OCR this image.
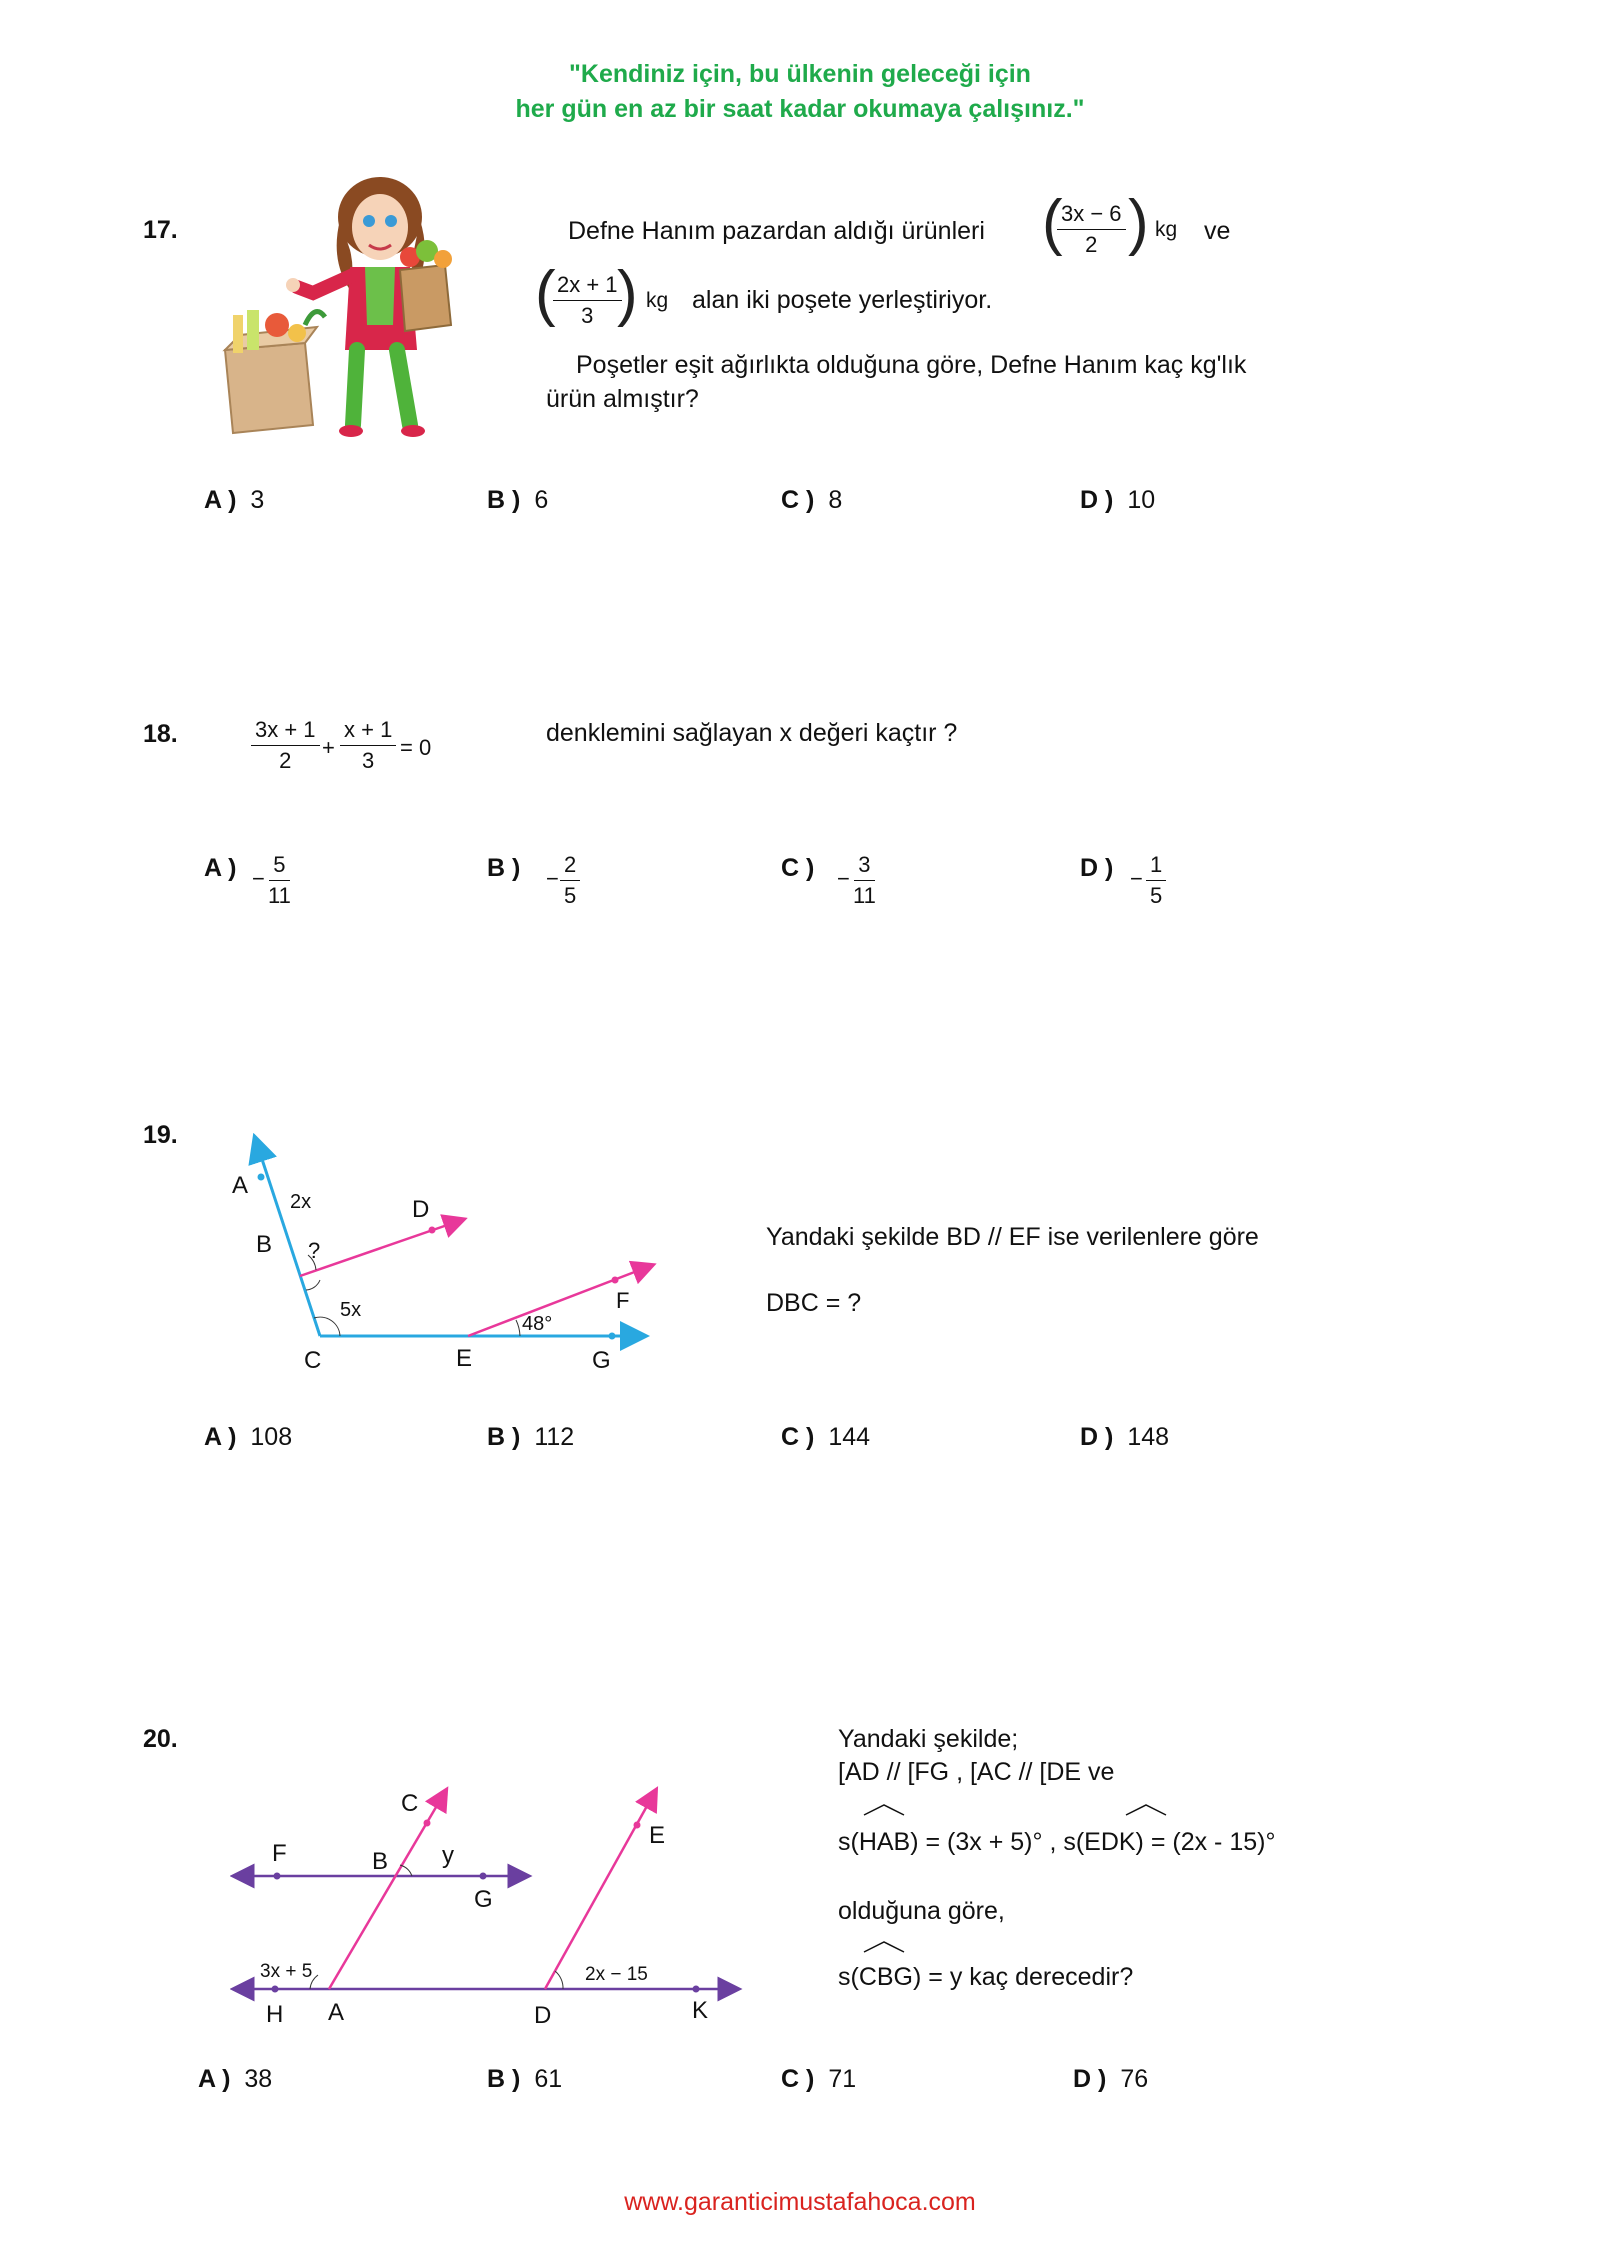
"Kendiniz için, bu ülkenin geleceği için
her gün en az bir saat kadar okumaya çalışınız."
17.	Defne Hanım pazardan aldığı ürünleri (
$\frac{3x - 6}{2}$ ) kg ve
(
$\frac{2x + 1}{3}$
) kg alan iki poşete yerleştiriyor.
Poşetler eşit ağırlıkta olduğuna göre, Defne Hanım kaç kg'lık
ürün almıştır?
A ) 3	B ) 6	C ) 8	D ) 10
18.	$\frac{3x + 1}{2} + \frac{x + 1}{3} = 0$
denklemini sağlayan x değeri kaçtır ?
A ) − $\frac{5}{11}$	B )	− $\frac{2}{5}$	C )	− $\frac{3}{11}$	D ) − $\frac{1}{5}$
19.
A
D
2x
B ?
5x
C	E
48°
F
G
Yandaki şekilde BD // EF ise verilenlere göre
DBC = ?
A ) 108	B ) 112	C ) 144	D ) 148
20.
C
E
F	B y
G
3x + 5	2x − 15
H A	D	K
Yandaki şekilde;
[AD // [FG , [AC // [DE ve
s(HAB) = (3x + 5)° , s(EDK) = (2x - 15)°
olduğuna göre,
s(CBG) = y kaç derecedir?
A ) 38	B ) 61	C ) 71	D ) 76
www.garanticimustafahoca.com
